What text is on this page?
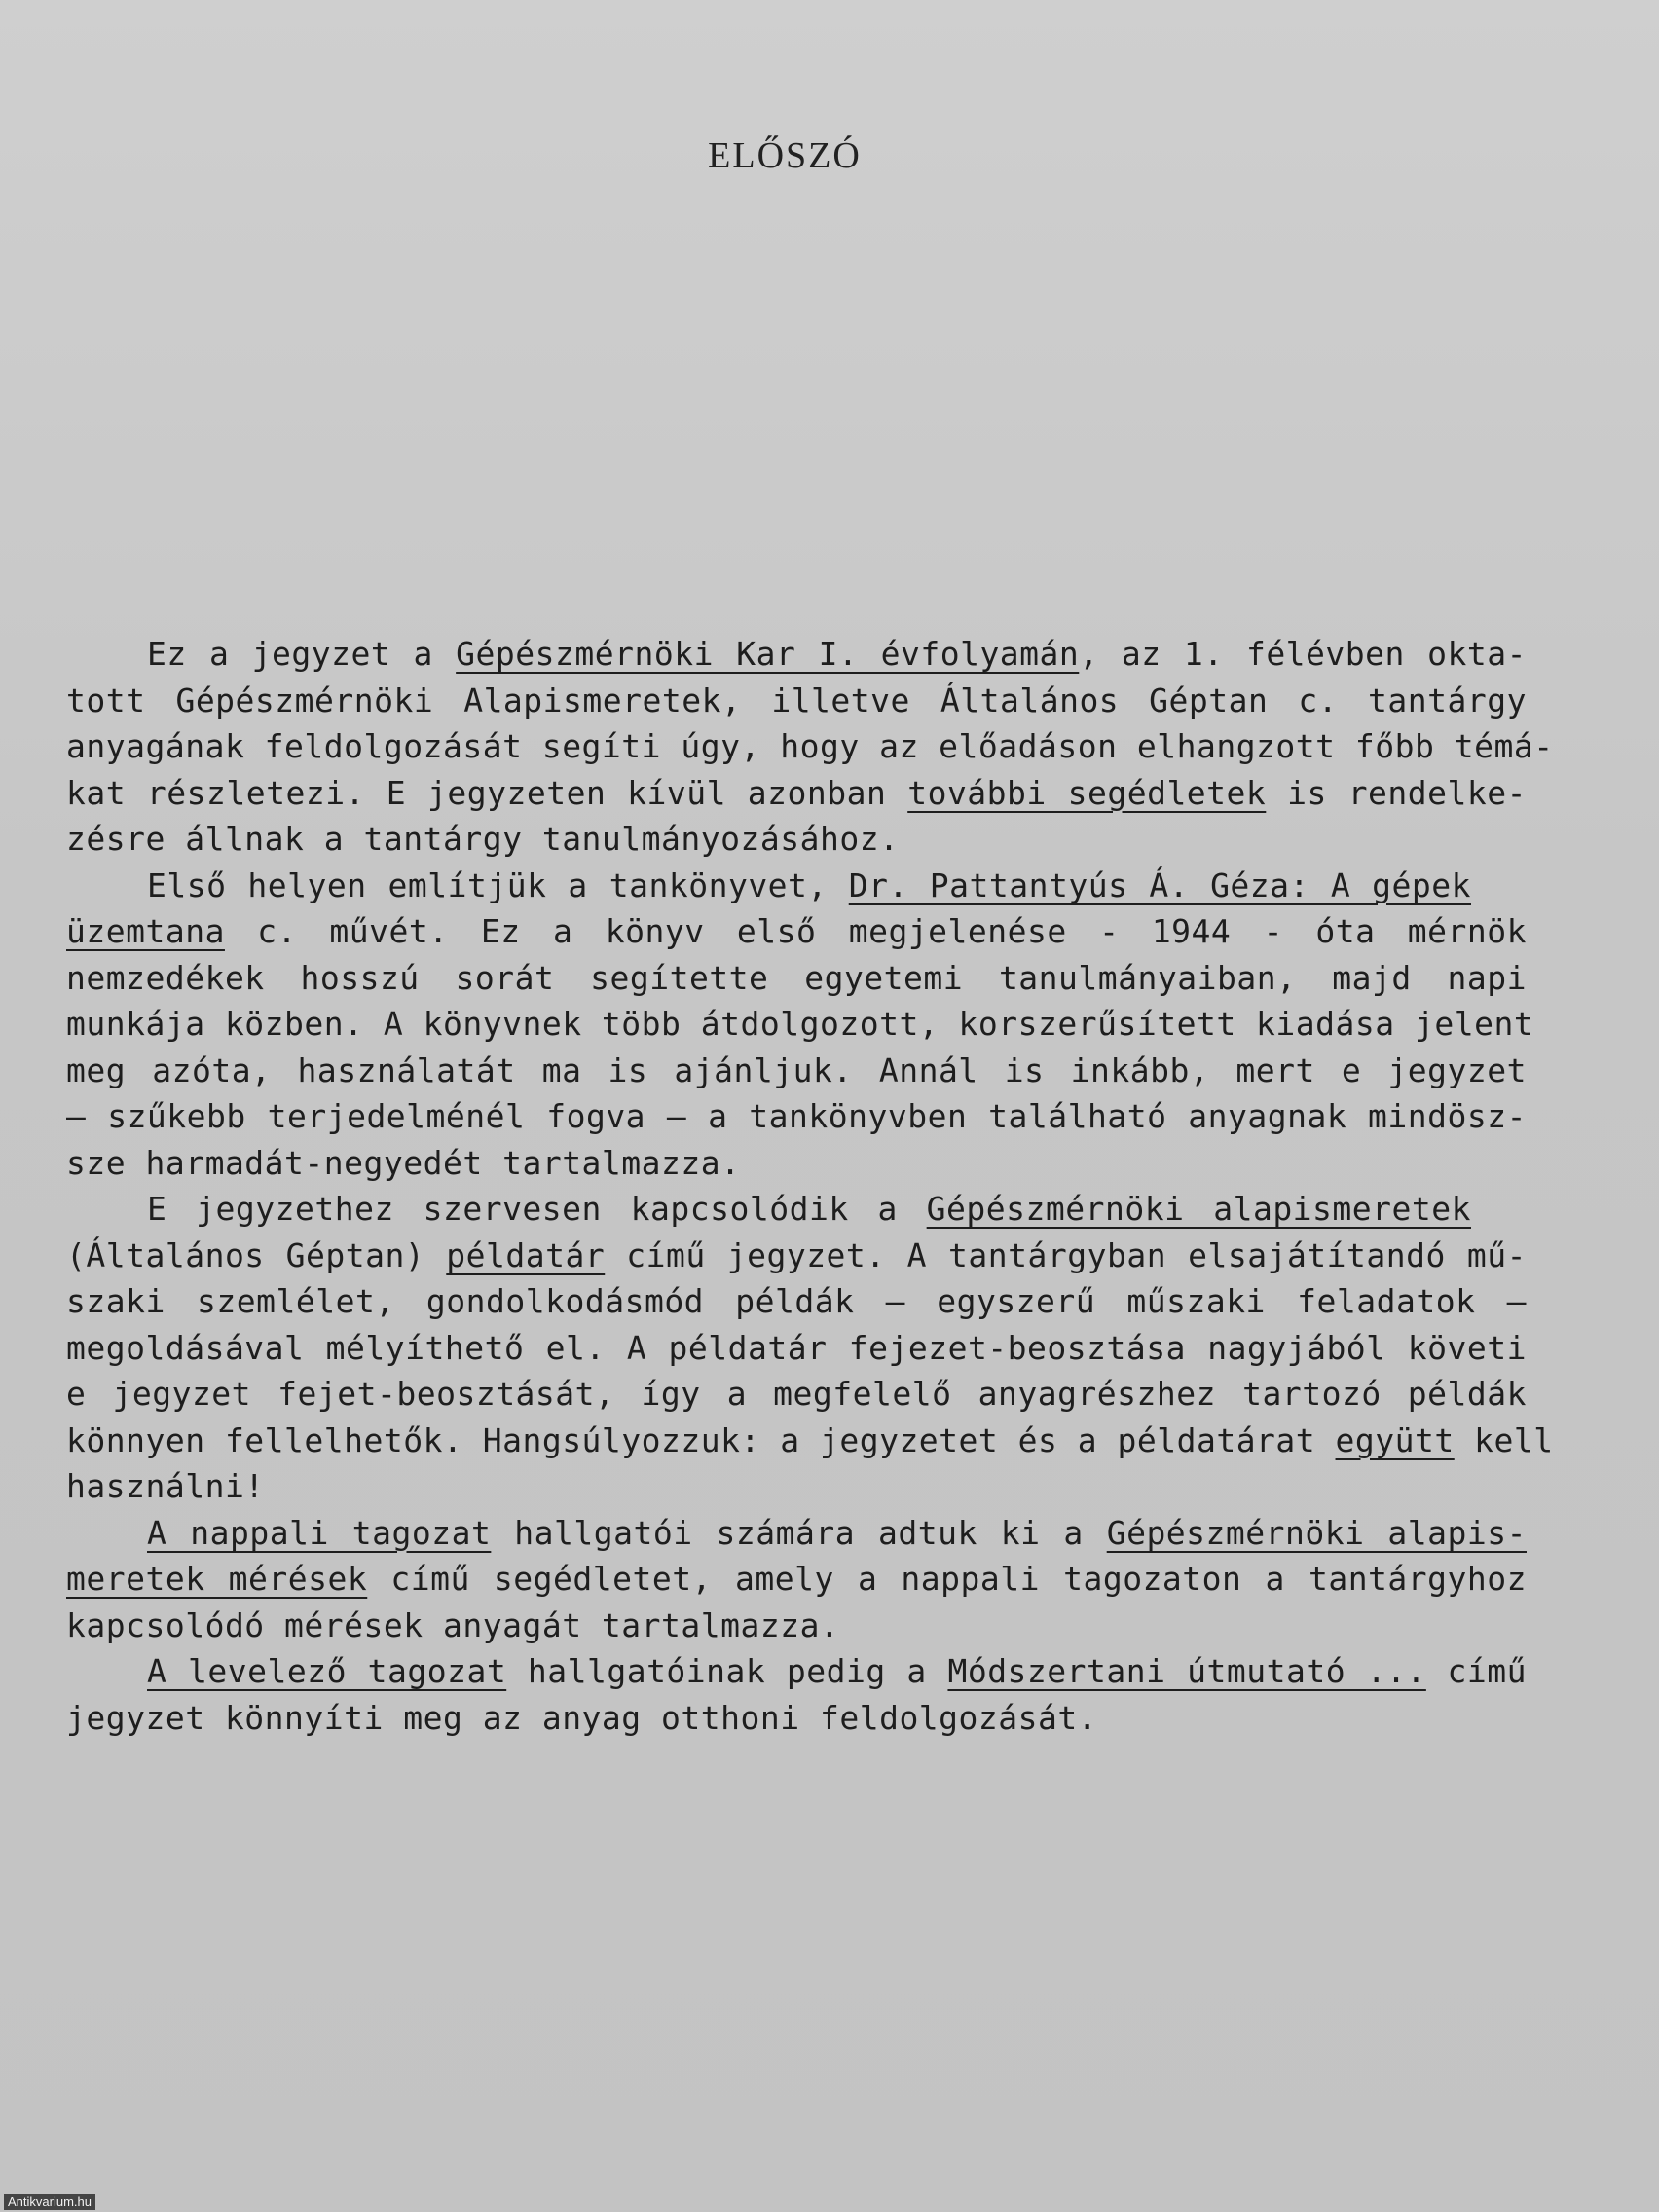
ELŐSZÓ
Ez a jegyzet a Gépészmérnöki Kar I. évfolyamán, az 1. félévben okta-
tott Gépészmérnöki Alapismeretek, illetve Általános Géptan c. tantárgy
anyagának feldolgozását segíti úgy, hogy az előadáson elhangzott főbb témá-
kat részletezi. E jegyzeten kívül azonban további segédletek is rendelke-
zésre állnak a tantárgy tanulmányozásához.
Első helyen említjük a tankönyvet, Dr. Pattantyús Á. Géza: A gépek
üzemtana c. művét. Ez a könyv első megjelenése - 1944 - óta mérnök
nemzedékek hosszú sorát segítette egyetemi tanulmányaiban, majd napi
munkája közben. A könyvnek több átdolgozott, korszerűsített kiadása jelent
meg azóta, használatát ma is ajánljuk. Annál is inkább, mert e jegyzet
– szűkebb terjedelménél fogva – a tankönyvben található anyagnak mindösz-
sze harmadát-negyedét tartalmazza.
E jegyzethez szervesen kapcsolódik a Gépészmérnöki alapismeretek
(Általános Géptan) példatár című jegyzet. A tantárgyban elsajátítandó mű-
szaki szemlélet, gondolkodásmód példák – egyszerű műszaki feladatok –
megoldásával mélyíthető el. A példatár fejezet-beosztása nagyjából követi
e jegyzet fejet-beosztását, így a megfelelő anyagrészhez tartozó példák
könnyen fellelhetők. Hangsúlyozzuk: a jegyzetet és a példatárat együtt kell
használni!
A nappali tagozat hallgatói számára adtuk ki a Gépészmérnöki alapis-
meretek mérések című segédletet, amely a nappali tagozaton a tantárgyhoz
kapcsolódó mérések anyagát tartalmazza.
A levelező tagozat hallgatóinak pedig a Módszertani útmutató ... című
jegyzet könnyíti meg az anyag otthoni feldolgozását.
Antikvarium.hu
